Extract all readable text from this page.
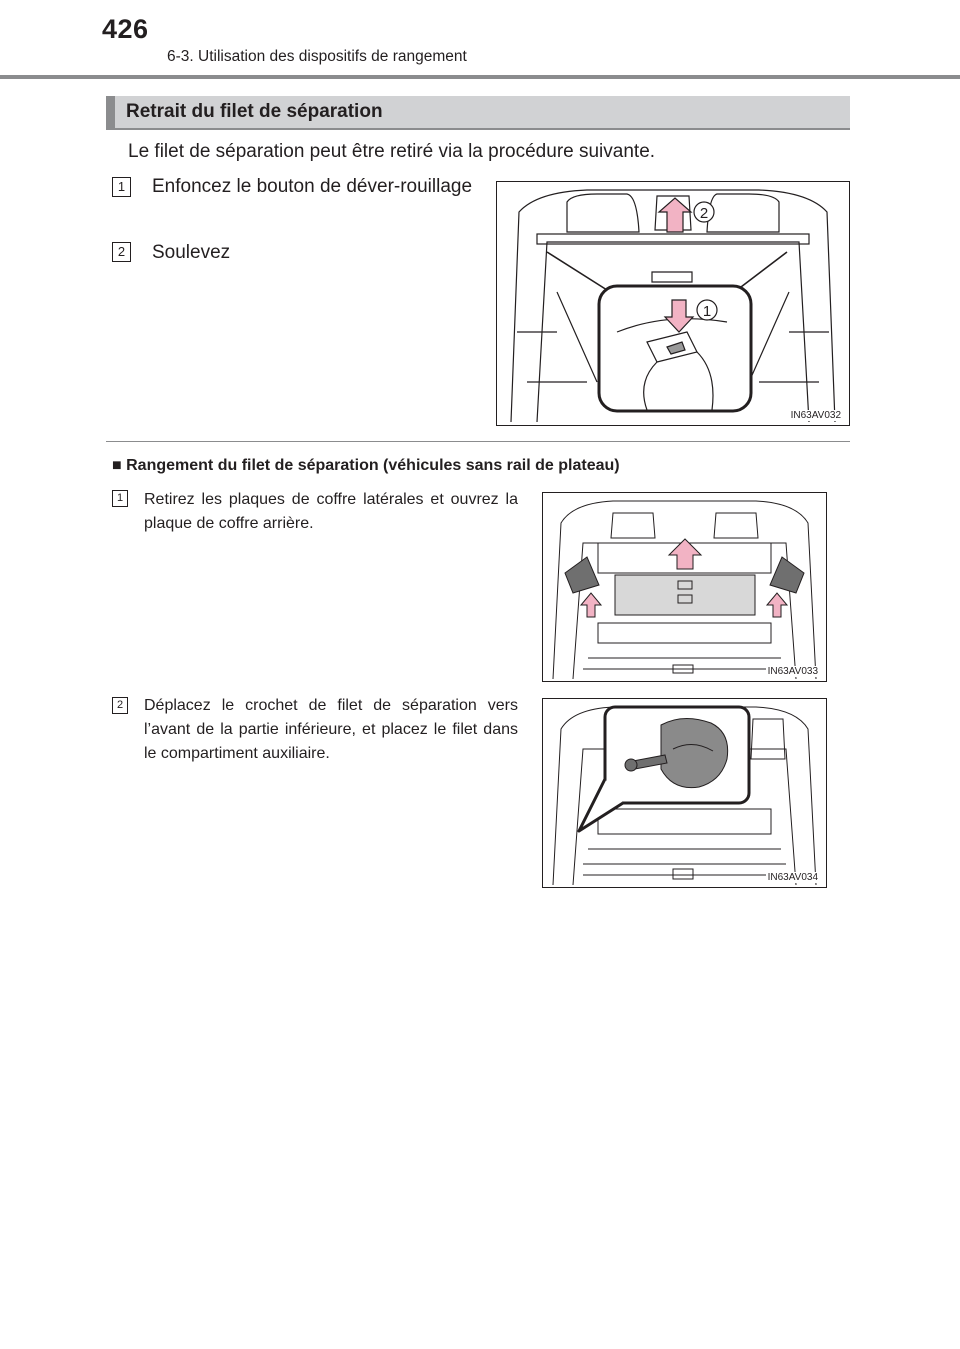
426
6-3. Utilisation des dispositifs de rangement
Retrait du filet de séparation
Le filet de séparation peut être retiré via la procédure suivante.
1	Enfoncez le bouton de déver-rouillage
2	Soulevez
2
1
IN63AV032
■ Rangement du filet de séparation (véhicules sans rail de plateau)
1	Retirez les plaques de coffre latérales et ouvrez la plaque de coffre arrière.
IN63AV033
2	Déplacez le crochet de filet de séparation vers l’avant de la partie inférieure, et placez le filet dans le compartiment auxiliaire.
IN63AV034
